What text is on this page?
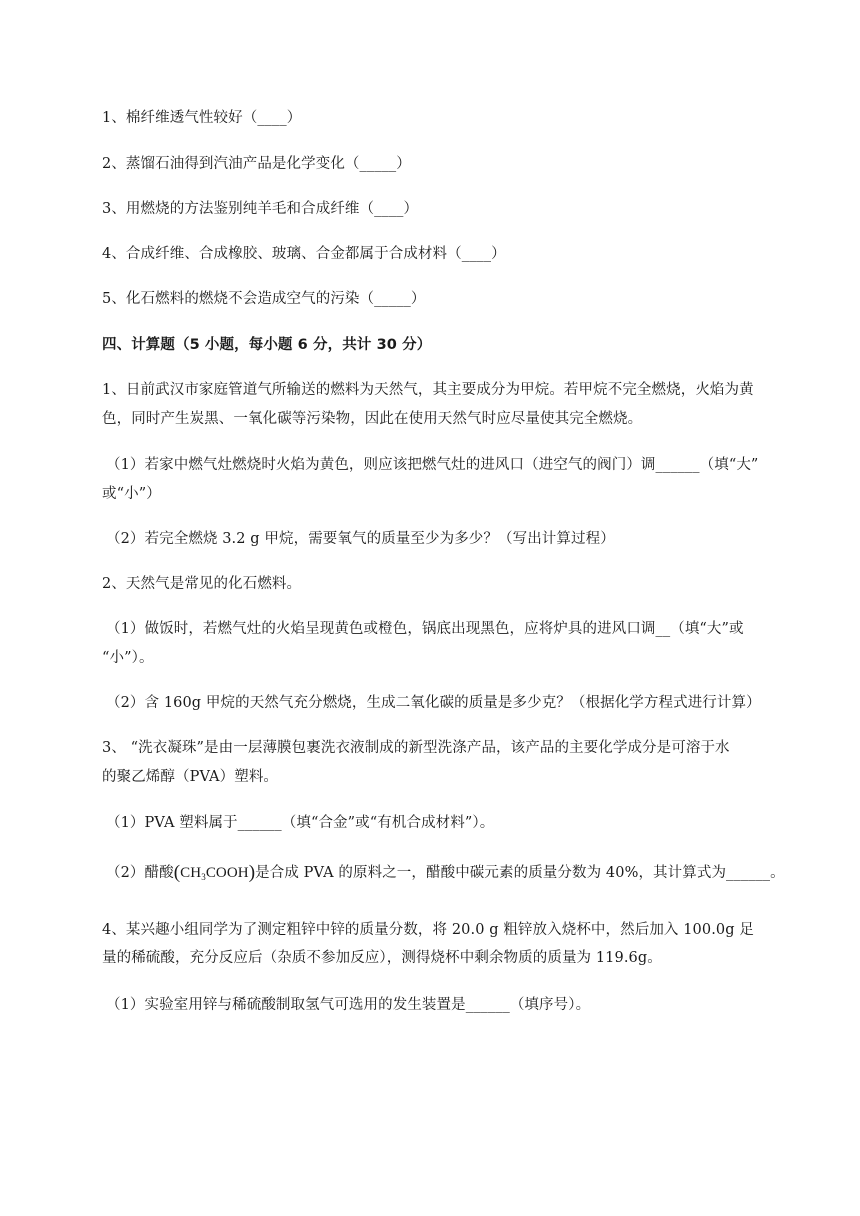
1、棉纤维透气性较好（____）
2、蒸馏石油得到汽油产品是化学变化（_____）
3、用燃烧的方法鉴别纯羊毛和合成纤维（____）
4、合成纤维、合成橡胶、玻璃、合金都属于合成材料（____）
5、化石燃料的燃烧不会造成空气的污染（_____）
四、计算题（5 小题，每小题 6 分，共计 30 分）
1、日前武汉市家庭管道气所输送的燃料为天然气，其主要成分为甲烷。若甲烷不完全燃烧，火焰为黄
色，同时产生炭黑、一氧化碳等污染物，因此在使用天然气时应尽量使其完全燃烧。
（1）若家中燃气灶燃烧时火焰为黄色，则应该把燃气灶的进风口（进空气的阀门）调______（填“大”
或“小”）
（2）若完全燃烧 3.2 g 甲烷，需要氧气的质量至少为多少？（写出计算过程）
2、天然气是常见的化石燃料。
（1）做饭时，若燃气灶的火焰呈现黄色或橙色，锅底出现黑色，应将炉具的进风口调__（填“大”或
“小”）。
（2）含 160g 甲烷的天然气充分燃烧，生成二氧化碳的质量是多少克？（根据化学方程式进行计算）
3、 “洗衣凝珠”是由一层薄膜包裹洗衣液制成的新型洗涤产品，该产品的主要化学成分是可溶于水
的聚乙烯醇（PVA）塑料。
（1）PVA 塑料属于______（填“合金”或“有机合成材料”）。
（2）醋酸$(CH_3COOH)$是合成 PVA 的原料之一，醋酸中碳元素的质量分数为 40%，其计算式为______。
4、某兴趣小组同学为了测定粗锌中锌的质量分数，将 20.0 g 粗锌放入烧杯中，然后加入 100.0g 足
量的稀硫酸，充分反应后（杂质不参加反应），测得烧杯中剩余物质的质量为 119.6g。
（1）实验室用锌与稀硫酸制取氢气可选用的发生装置是______（填序号）。
